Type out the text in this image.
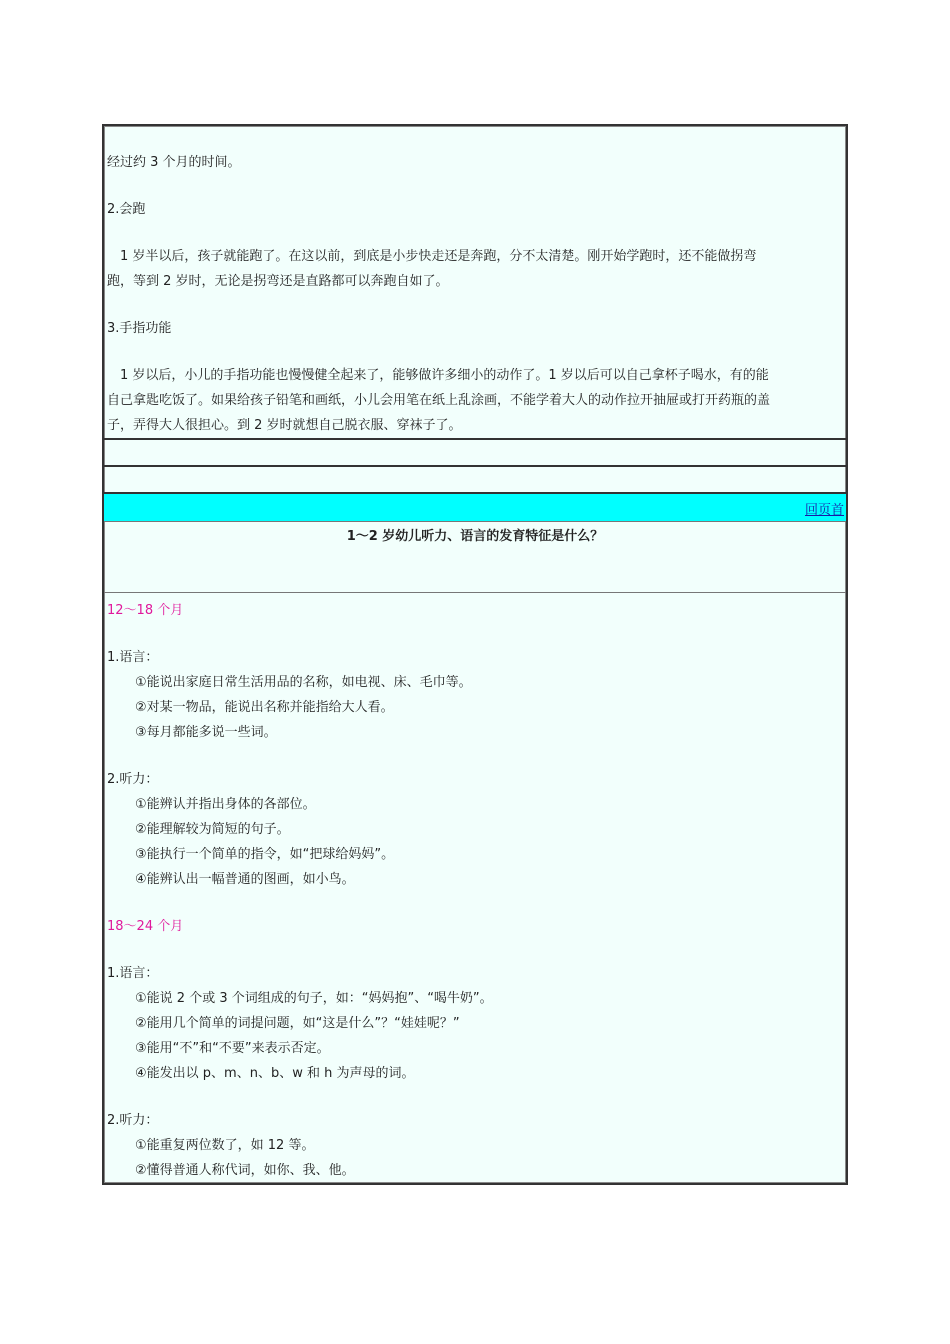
经过约 3 个月的时间。

2.会跑

　1 岁半以后，孩子就能跑了。在这以前，到底是小步快走还是奔跑，分不太清楚。刚开始学跑时，还不能做拐弯

跑，等到 2 岁时，无论是拐弯还是直路都可以奔跑自如了。

3.手指功能

　1 岁以后，小儿的手指功能也慢慢健全起来了，能够做许多细小的动作了。1 岁以后可以自己拿杯子喝水，有的能

自己拿匙吃饭了。如果给孩子铅笔和画纸，小儿会用笔在纸上乱涂画，不能学着大人的动作拉开抽屉或打开药瓶的盖

子，弄得大人很担心。到 2 岁时就想自己脱衣服、穿袜子了。

回页首
1～2 岁幼儿听力、语言的发育特征是什么？

12～18 个月

1.语言：

①能说出家庭日常生活用品的名称，如电视、床、毛巾等。

②对某一物品，能说出名称并能指给大人看。

③每月都能多说一些词。

2.听力：

①能辨认并指出身体的各部位。

②能理解较为简短的句子。

③能执行一个简单的指令，如“把球给妈妈”。

④能辨认出一幅普通的图画，如小鸟。

18～24 个月

1.语言：

①能说 2 个或 3 个词组成的句子，如：“妈妈抱”、“喝牛奶”。

②能用几个简单的词提问题，如“这是什么”？“娃娃呢？”

③能用“不”和“不要”来表示否定。

④能发出以 p、m、n、b、w 和 h 为声母的词。

2.听力：

①能重复两位数了，如 12 等。

②懂得普通人称代词，如你、我、他。
